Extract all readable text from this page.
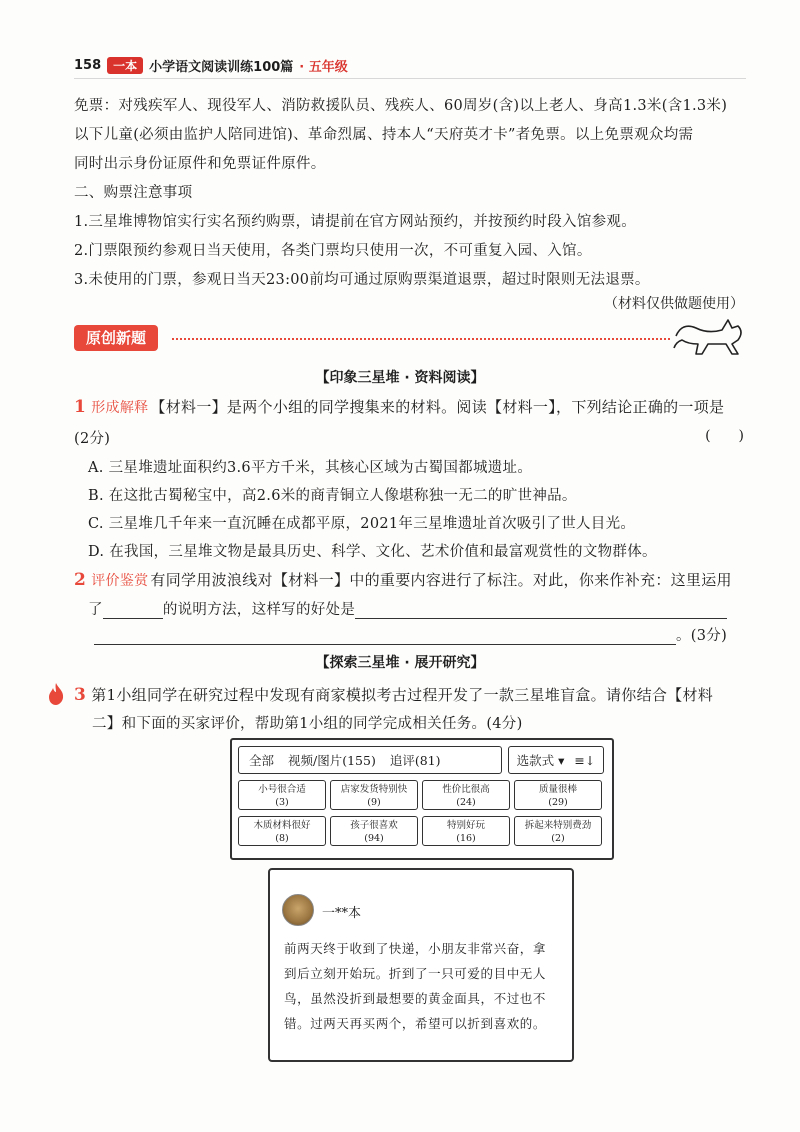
158	一本 小学语文阅读训练100篇 · 五年级
免票：对残疾军人、现役军人、消防救援队员、残疾人、60周岁(含)以上老人、身高1.3米(含1.3米)
以下儿童(必须由监护人陪同进馆)、革命烈属、持本人“天府英才卡”者免票。以上免票观众均需
同时出示身份证原件和免票证件原件。
二、购票注意事项
1.三星堆博物馆实行实名预约购票，请提前在官方网站预约，并按预约时段入馆参观。
2.门票限预约参观日当天使用，各类门票均只使用一次，不可重复入园、入馆。
3.未使用的门票，参观日当天23:00前均可通过原购票渠道退票，超过时限则无法退票。
（材料仅供做题使用）
原创新题
【印象三星堆 · 资料阅读】
1 形成解释 【材料一】是两个小组的同学搜集来的材料。阅读【材料一】，下列结论正确的一项是
(2分)	(　　)
A. 三星堆遗址面积约3.6平方千米，其核心区域为古蜀国都城遗址。
B. 在这批古蜀秘宝中，高2.6米的商青铜立人像堪称独一无二的旷世神品。
C. 三星堆几千年来一直沉睡在成都平原，2021年三星堆遗址首次吸引了世人目光。
D. 在我国，三星堆文物是最具历史、科学、文化、艺术价值和最富观赏性的文物群体。
2 评价鉴赏 有同学用波浪线对【材料一】中的重要内容进行了标注。对此，你来作补充：这里运用
了	的说明方法，这样写的好处是
。(3分)
【探索三星堆 · 展开研究】
3 第1小组同学在研究过程中发现有商家模拟考古过程开发了一款三星堆盲盒。请你结合【材料
二】和下面的买家评价，帮助第1小组的同学完成相关任务。(4分)
全部 视频/图片(155) 追评(81)	选款式 ▾ ≡↓
小号很合适
(3)
店家发货特别快
(9)
性价比很高
(24)
质量很棒
(29)
木质材料很好
(8)
孩子很喜欢
(94)
特别好玩
(16)
拆起来特别费劲
(2)
一**本
前两天终于收到了快递，小朋友非常兴奋，拿
到后立刻开始玩。折到了一只可爱的目中无人
鸟，虽然没折到最想要的黄金面具，不过也不
错。过两天再买两个，希望可以折到喜欢的。
